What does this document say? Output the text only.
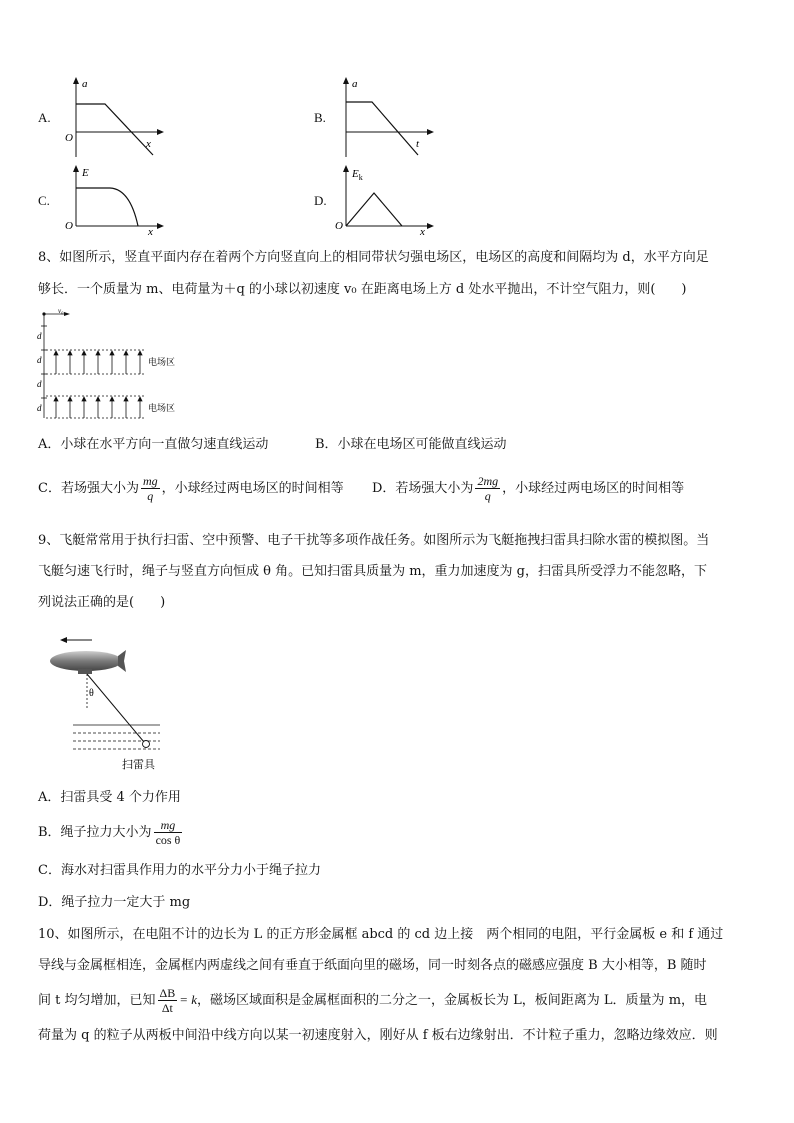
A.
a
O	x
B.
a
t
C.
E
O	x
D.
$E_k$
O	x
8、如图所示，竖直平面内存在着两个方向竖直向上的相同带状匀强电场区，电场区的高度和间隔均为 d，水平方向足
够长．一个质量为 m、电荷量为＋q 的小球以初速度 v₀ 在距离电场上方 d 处水平抛出，不计空气阻力，则(　　)
v₀
d
d
d
d
电场区
电场区
A．小球在水平方向一直做匀速直线运动	B．小球在电场区可能做直线运动
C．若场强大小为 $\frac{mg}{q}$ ，小球经过两电场区的时间相等 D．若场强大小为 $\frac{2mg}{q}$ ，小球经过两电场区的时间相等
9、飞艇常常用于执行扫雷、空中预警、电子干扰等多项作战任务。如图所示为飞艇拖拽扫雷具扫除水雷的模拟图。当
飞艇匀速飞行时，绳子与竖直方向恒成 θ 角。已知扫雷具质量为 m，重力加速度为 g，扫雷具所受浮力不能忽略，下
列说法正确的是(　　)
θ
扫雷具
A．扫雷具受 4 个力作用
B．绳子拉力大小为 $\frac{mg}{\text{cos θ}}$
C．海水对扫雷具作用力的水平分力小于绳子拉力
D．绳子拉力一定大于 mg
10、如图所示，在电阻不计的边长为 L 的正方形金属框 abcd 的 cd 边上接　两个相同的电阻，平行金属板 e 和 f 通过
导线与金属框相连，金属框内两虚线之间有垂直于纸面向里的磁场，同一时刻各点的磁感应强度 B 大小相等，B 随时
间 t 均匀增加，已知 $\frac{\Delta B}{\Delta t} = k$，磁场区域面积是金属框面积的二分之一，金属板长为 L，板间距离为 L．质量为 m，电
荷量为 q 的粒子从两板中间沿中线方向以某一初速度射入，刚好从 f 板右边缘射出．不计粒子重力，忽略边缘效应．则
